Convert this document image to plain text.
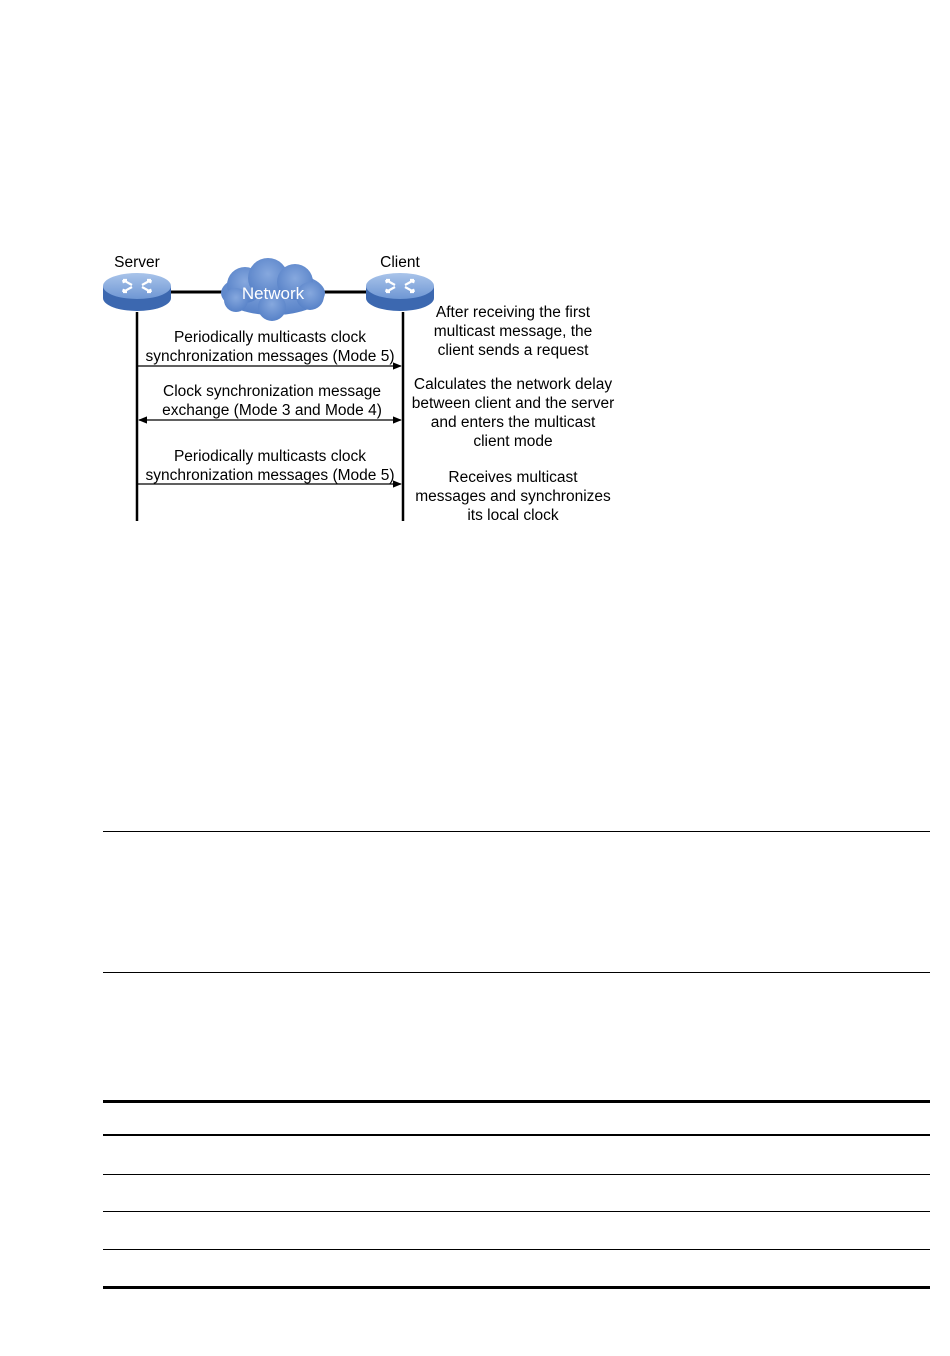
Network
Server	Client
Periodically multicasts clock
synchronization messages (Mode 5)
Clock synchronization message
exchange (Mode 3 and Mode 4)
Periodically multicasts clock
synchronization messages (Mode 5)
After receiving the first
multicast message, the
client sends a request
Calculates the network delay
between client and the server
and enters the multicast
client mode
Receives multicast
messages and synchronizes
its local clock
